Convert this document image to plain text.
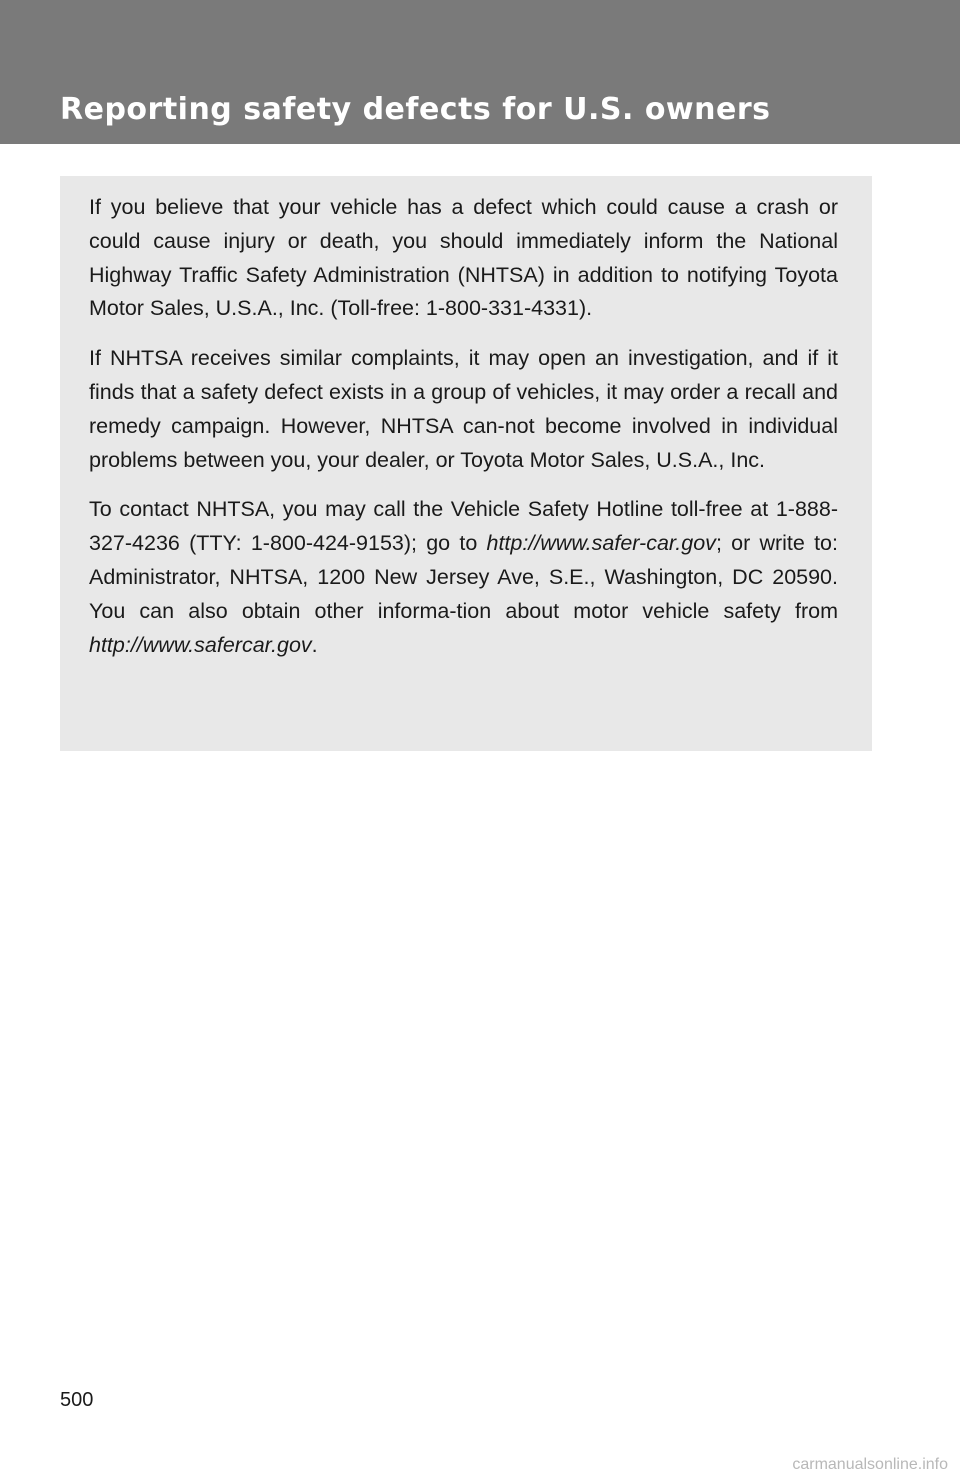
Reporting safety defects for U.S. owners

If you believe that your vehicle has a defect which could cause a crash or could cause injury or death, you should immediately inform the National Highway Traffic Safety Administration (NHTSA) in addition to notifying Toyota Motor Sales, U.S.A., Inc. (Toll-free: 1-800-331-4331).

If NHTSA receives similar complaints, it may open an investigation, and if it finds that a safety defect exists in a group of vehicles, it may order a recall and remedy campaign. However, NHTSA can-not become involved in individual problems between you, your dealer, or Toyota Motor Sales, U.S.A., Inc.

To contact NHTSA, you may call the Vehicle Safety Hotline toll-free at 1-888-327-4236 (TTY: 1-800-424-9153); go to http://www.safer-car.gov; or write to: Administrator, NHTSA, 1200 New Jersey Ave, S.E., Washington, DC 20590. You can also obtain other informa-tion about motor vehicle safety from http://www.safercar.gov.

500
carmanualsonline.info
